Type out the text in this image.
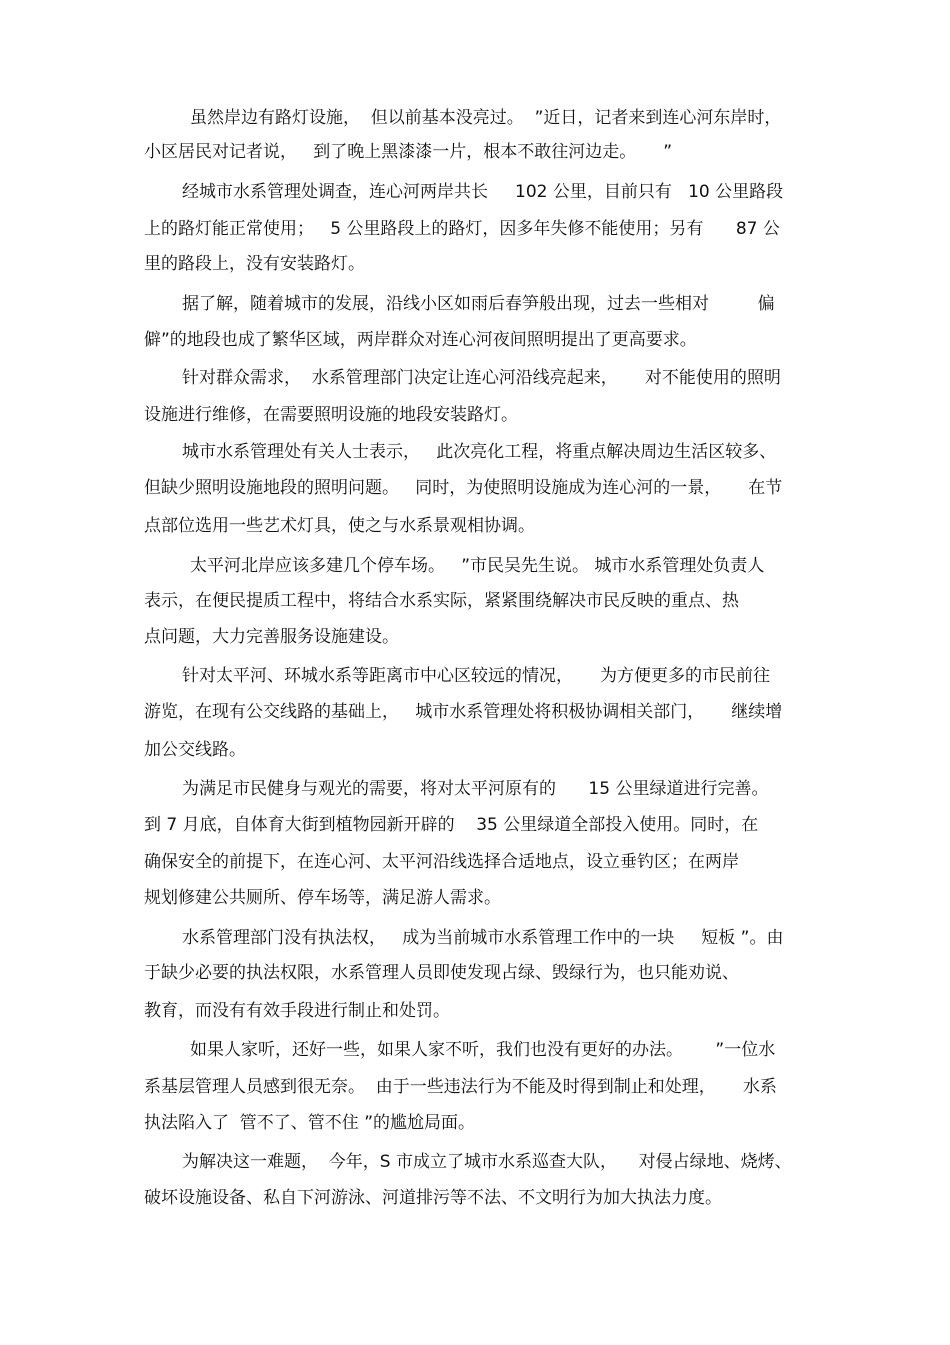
虽然岸边有路灯设施，  但以前基本没亮过。  ”近日，记者来到连心河东岸时，
小区居民对记者说，   到了晚上黑漆漆一片，根本不敢往河边走。     ”
经城市水系管理处调查，连心河两岸共长     102 公里，目前只有   10 公里路段
上的路灯能正常使用；   5 公里路段上的路灯，因多年失修不能使用；另有      87 公
里的路段上，没有安装路灯。
据了解，随着城市的发展，沿线小区如雨后春笋般出现，过去一些相对         偏
僻”的地段也成了繁华区域，两岸群众对连心河夜间照明提出了更高要求。
针对群众需求，  水系管理部门决定让连心河沿线亮起来，     对不能使用的照明
设施进行维修，在需要照明设施的地段安装路灯。
城市水系管理处有关人士表示，   此次亮化工程，将重点解决周边生活区较多、
但缺少照明设施地段的照明问题。   同时，为使照明设施成为连心河的一景，     在节
点部位选用一些艺术灯具，使之与水系景观相协调。
太平河北岸应该多建几个停车场。   ”市民吴先生说。 城市水系管理处负责人
表示，在便民提质工程中，将结合水系实际，紧紧围绕解决市民反映的重点、热
点问题，大力完善服务设施建设。
针对太平河、环城水系等距离市中心区较远的情况，     为方便更多的市民前往
游览，在现有公交线路的基础上，   城市水系管理处将积极协调相关部门，     继续增
加公交线路。
为满足市民健身与观光的需要，将对太平河原有的      15 公里绿道进行完善。
到 7 月底，自体育大街到植物园新开辟的    35 公里绿道全部投入使用。同时，在
确保安全的前提下，在连心河、太平河沿线选择合适地点，设立垂钓区；在两岸
规划修建公共厕所、停车场等，满足游人需求。
水系管理部门没有执法权，   成为当前城市水系管理工作中的一块     短板 ”。由
于缺少必要的执法权限，水系管理人员即使发现占绿、毁绿行为，也只能劝说、
教育，而没有有效手段进行制止和处罚。
如果人家听，还好一些，如果人家不听，我们也没有更好的办法。      ”一位水
系基层管理人员感到很无奈。  由于一些违法行为不能及时得到制止和处理，     水系
执法陷入了  管不了、管不住 ”的尴尬局面。
为解决这一难题，  今年，S 市成立了城市水系巡查大队，    对侵占绿地、烧烤、
破坏设施设备、私自下河游泳、河道排污等不法、不文明行为加大执法力度。
